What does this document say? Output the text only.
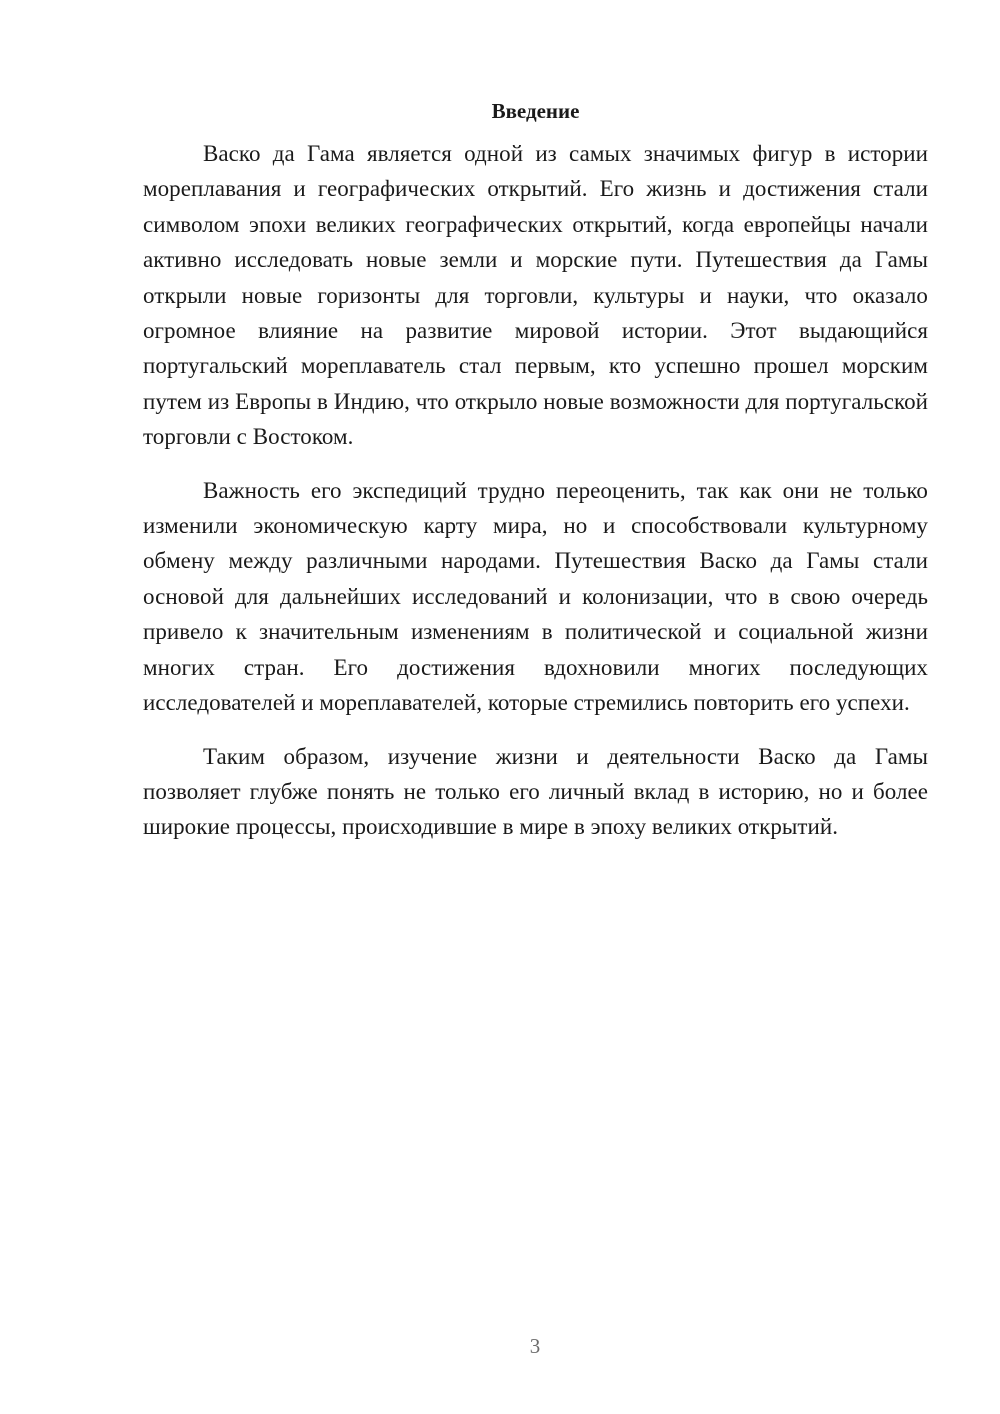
Введение

Васко да Гама является одной из самых значимых фигур в истории мореплавания и географических открытий. Его жизнь и достижения стали символом эпохи великих географических открытий, когда европейцы начали активно исследовать новые земли и морские пути. Путешествия да Гамы открыли новые горизонты для торговли, культуры и науки, что оказало огромное влияние на развитие мировой истории. Этот выдающийся португальский мореплаватель стал первым, кто успешно прошел морским путем из Европы в Индию, что открыло новые возможности для португальской торговли с Востоком.

Важность его экспедиций трудно переоценить, так как они не только изменили экономическую карту мира, но и способствовали культурному обмену между различными народами. Путешествия Васко да Гамы стали основой для дальнейших исследований и колонизации, что в свою очередь привело к значительным изменениям в политической и социальной жизни многих стран. Его достижения вдохновили многих последующих исследователей и мореплавателей, которые стремились повторить его успехи.

Таким образом, изучение жизни и деятельности Васко да Гамы позволяет глубже понять не только его личный вклад в историю, но и более широкие процессы, происходившие в мире в эпоху великих открытий.

3
